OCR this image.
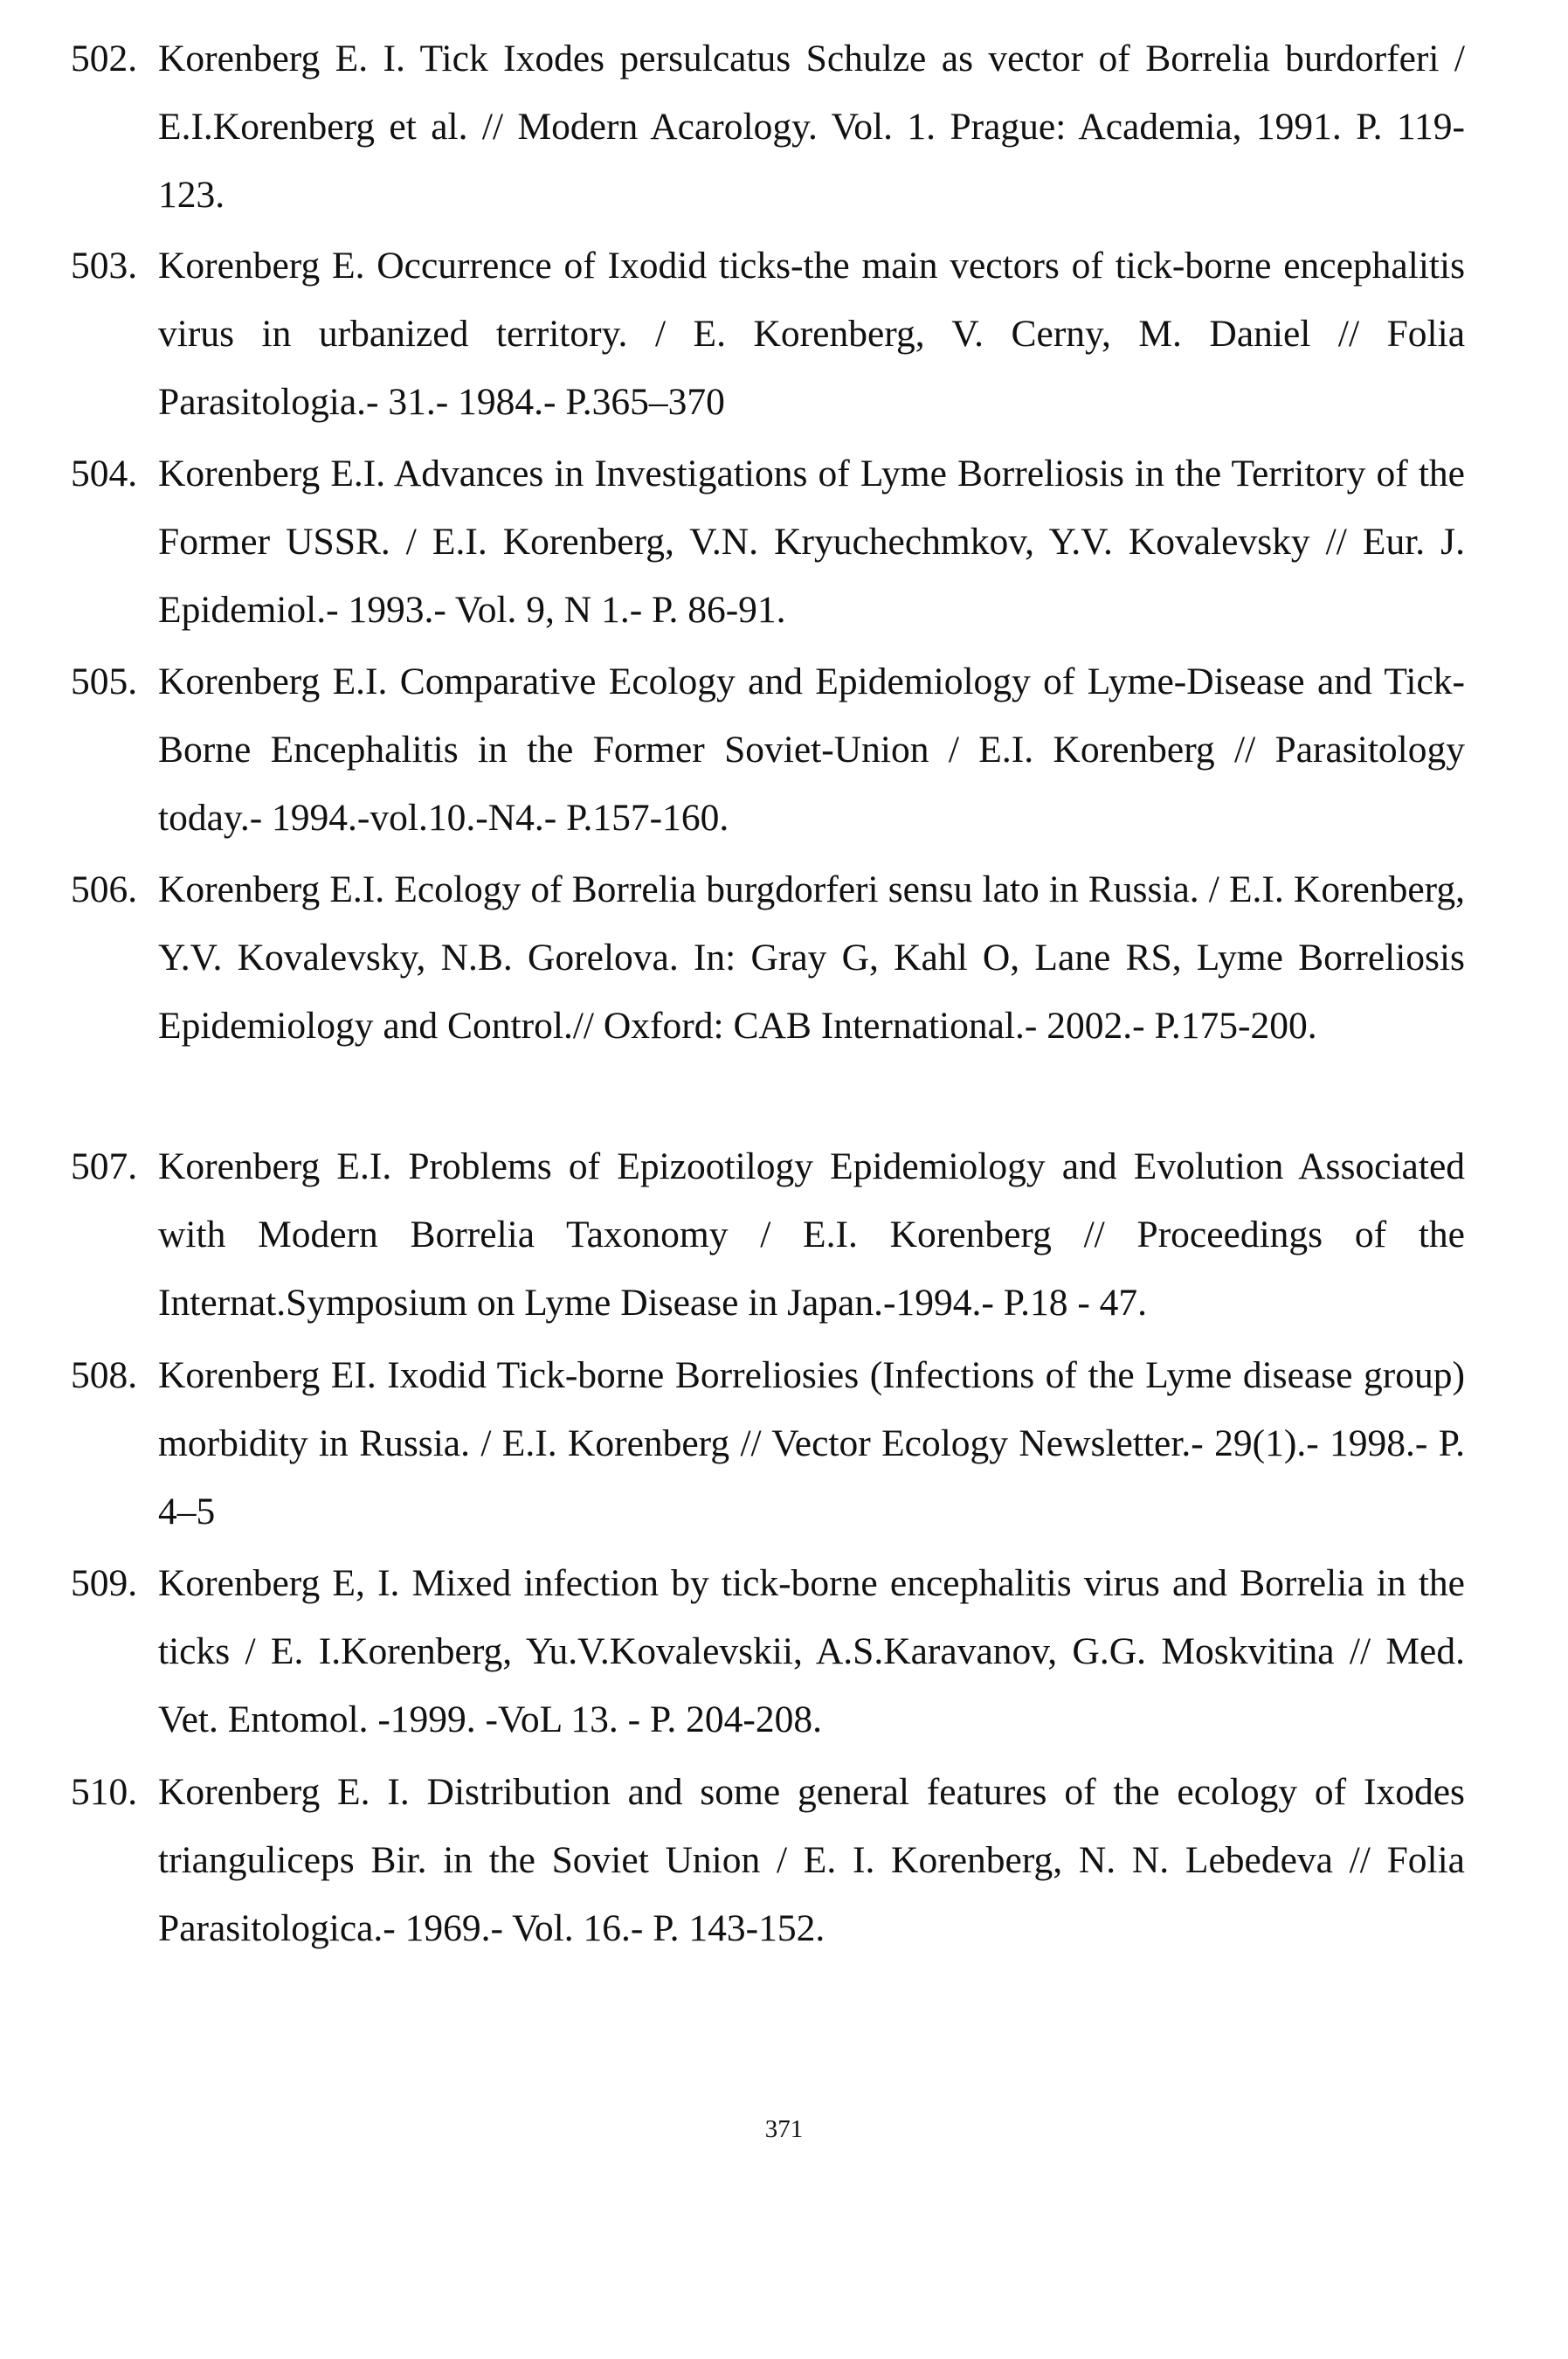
502. Korenberg E. I. Tick Ixodes persulcatus Schulze as vector of Borrelia burdorferi / E.I.Korenberg et al. // Modern Acarology. Vol. 1. Prague: Academia, 1991. P. 119-123.
503. Korenberg E. Occurrence of Ixodid ticks-the main vectors of tick-borne encephalitis virus in urbanized territory. / E. Korenberg, V. Cerny, M. Daniel // Folia Parasitologia.- 31.- 1984.- P.365–370
504. Korenberg E.I. Advances in Investigations of Lyme Borreliosis in the Territory of the Former USSR. / E.I. Korenberg, V.N. Kryuchechmkov, Y.V. Kovalevsky // Eur. J. Epidemiol.- 1993.- Vol. 9, N 1.- P. 86-91.
505. Korenberg E.I. Comparative Ecology and Epidemiology of Lyme-Disease and Tick-Borne Encephalitis in the Former Soviet-Union / E.I. Korenberg // Parasitology today.- 1994.-vol.10.-N4.- P.157-160.
506. Korenberg E.I. Ecology of Borrelia burgdorferi sensu lato in Russia. / E.I. Korenberg, Y.V. Kovalevsky, N.B. Gorelova. In: Gray G, Kahl O, Lane RS, Lyme Borreliosis Epidemiology and Control.// Oxford: CAB International.- 2002.- P.175-200.
507. Korenberg E.I. Problems of Epizootilogy Epidemiology and Evolution Associated with Modern Borrelia Taxonomy / E.I. Korenberg // Proceedings of the Internat.Symposium on Lyme Disease in Japan.-1994.- P.18 - 47.
508. Korenberg EI. Ixodid Tick-borne Borreliosies (Infections of the Lyme disease group) morbidity in Russia. / E.I. Korenberg // Vector Ecology Newsletter.- 29(1).- 1998.- P. 4–5
509. Korenberg E, I. Mixed infection by tick-borne encephalitis virus and Borrelia in the ticks / E. I.Korenberg, Yu.V.Kovalevskii, A.S.Karavanov, G.G. Moskvitina // Med. Vet. Entomol. -1999. -VoL 13. - P. 204-208.
510. Korenberg E. I. Distribution and some general features of the ecology of Ixodes trianguliceps Bir. in the Soviet Union / E. I. Korenberg, N. N. Lebedeva // Folia Parasitologica.- 1969.- Vol. 16.- P. 143-152.
371
